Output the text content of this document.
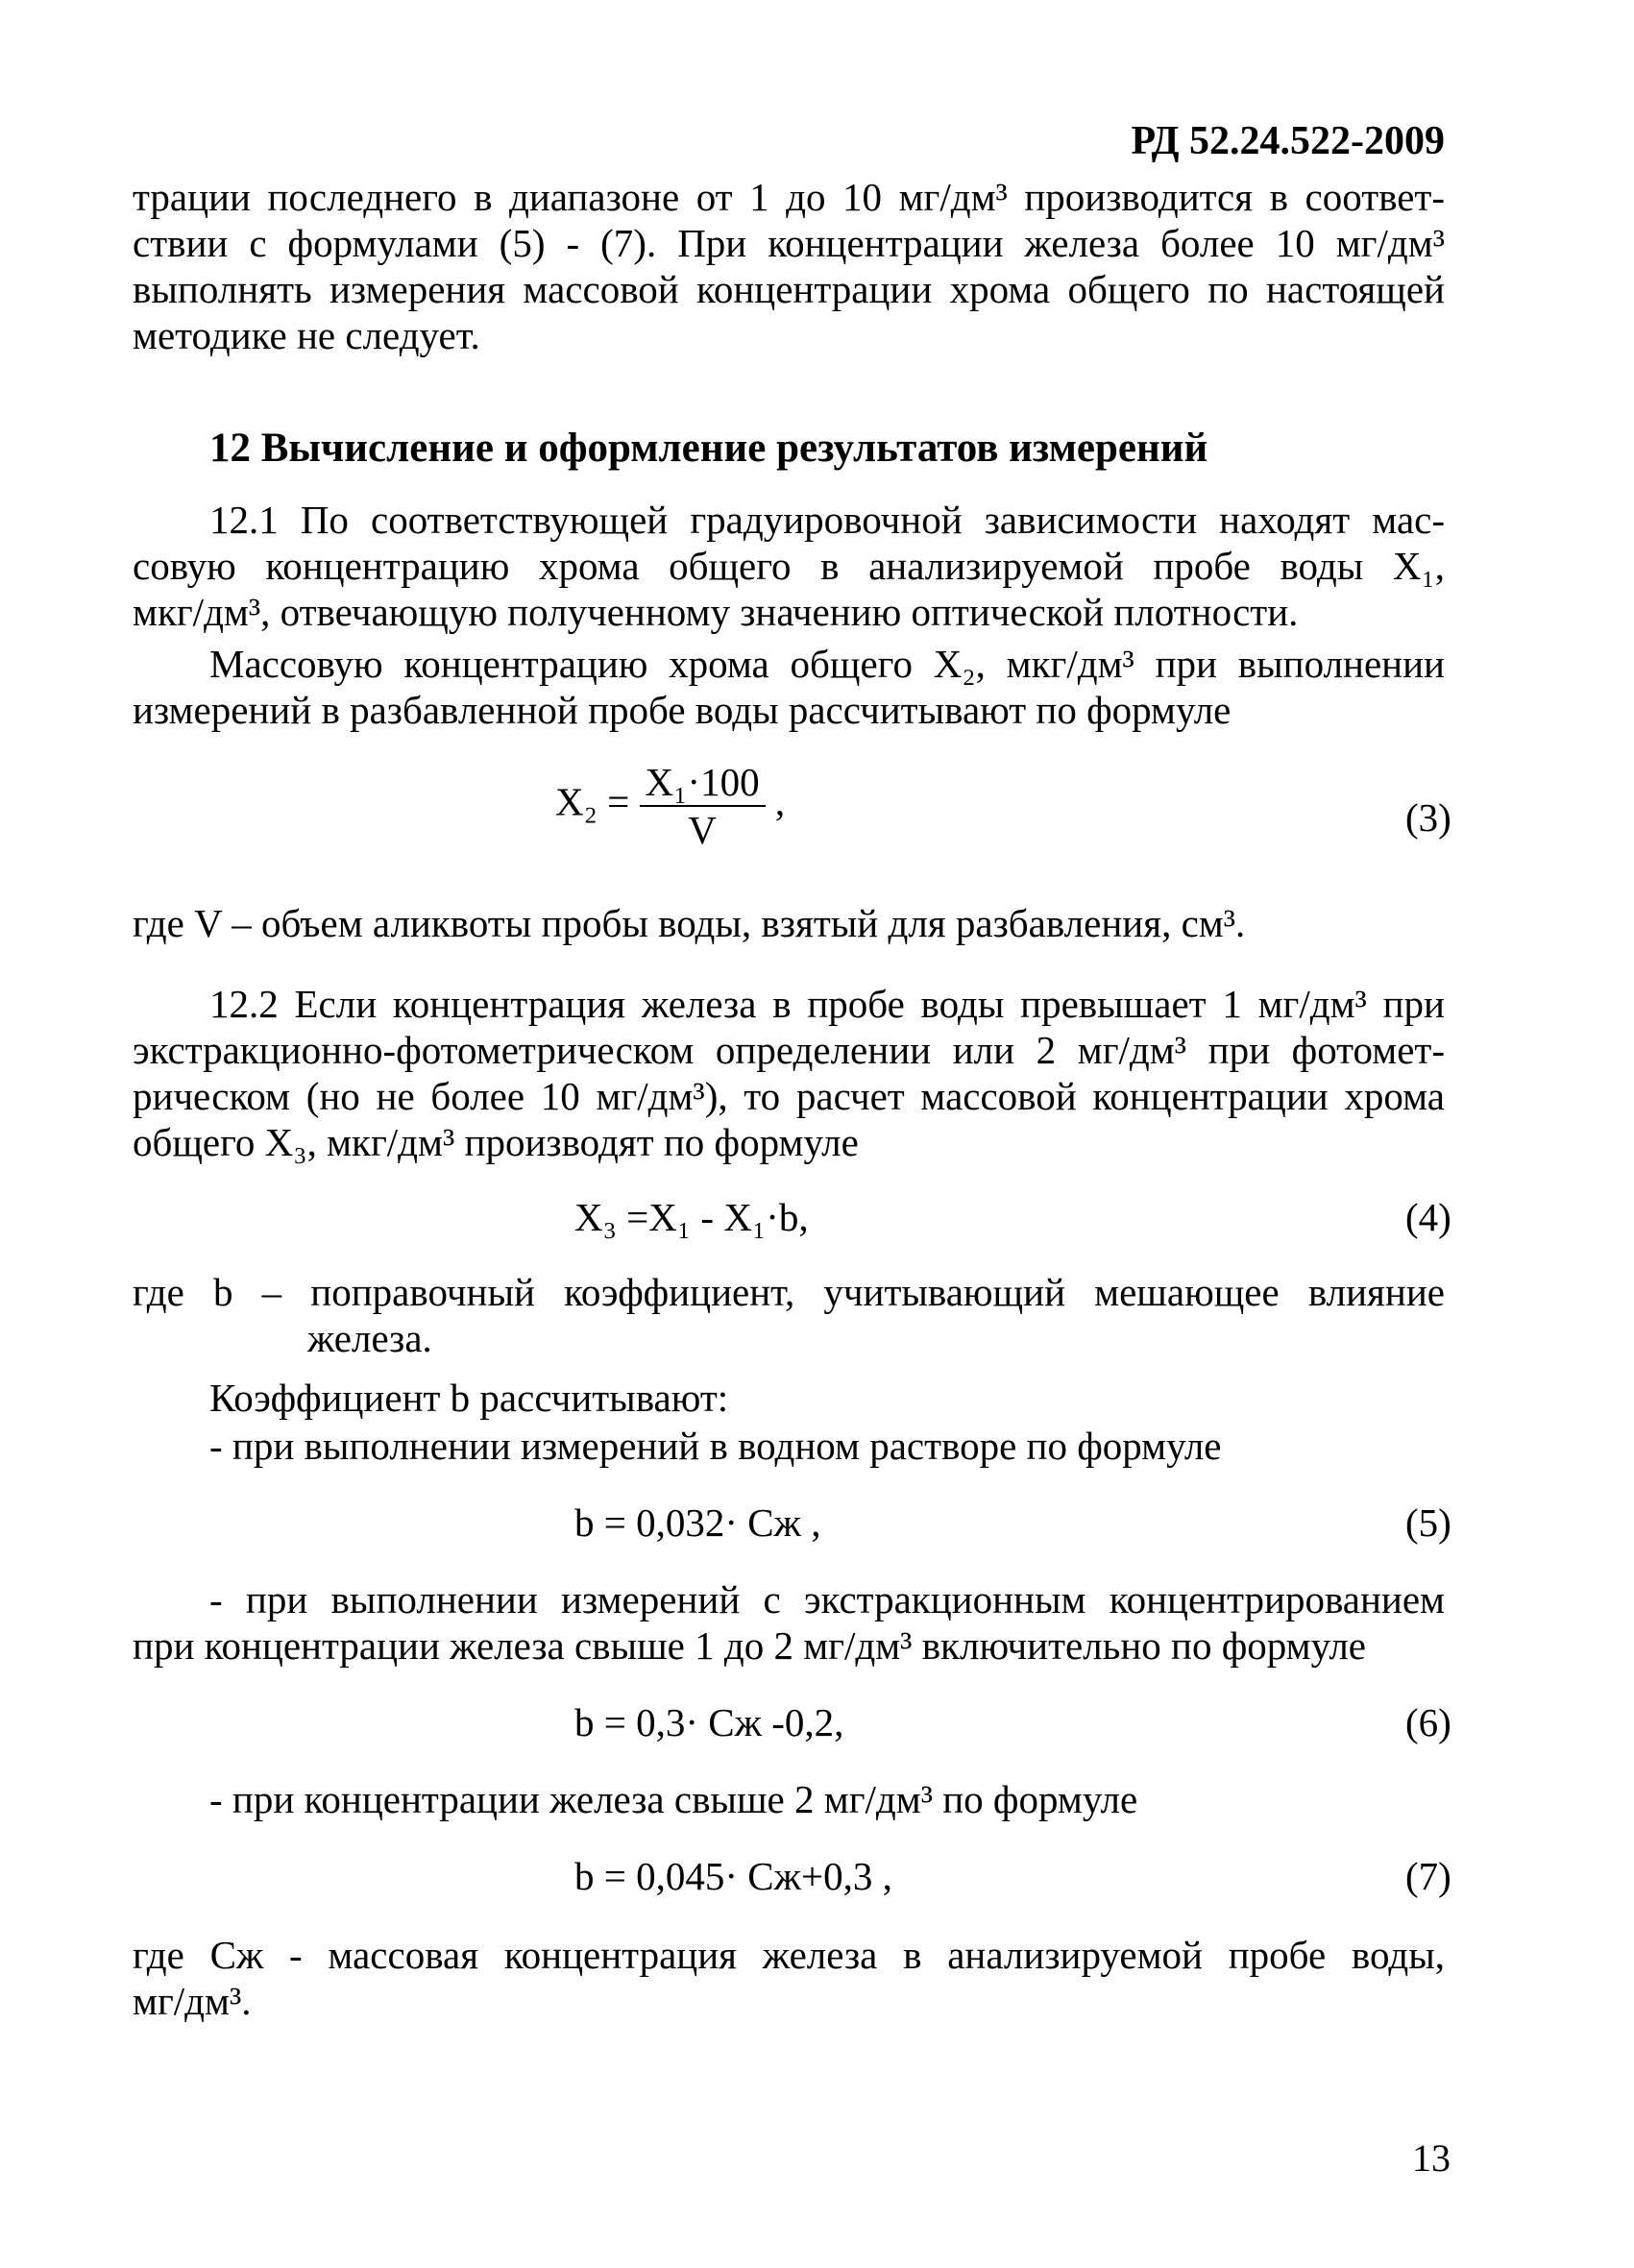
РД 52.24.522-2009
трации последнего в диапазоне от 1 до 10 мг/дм³ производится в соответ-
ствии с формулами (5) - (7). При концентрации железа более 10 мг/дм³
выполнять измерения массовой концентрации хрома общего по настоящей
методике не следует.
12 Вычисление и оформление результатов измерений
12.1 По соответствующей градуировочной зависимости находят мас-
совую концентрацию хрома общего в анализируемой пробе воды X₁,
мкг/дм³, отвечающую полученному значению оптической плотности.
Массовую концентрацию хрома общего X₂, мкг/дм³ при выполнении
измерений в разбавленной пробе воды рассчитывают по формуле
$X_2 = \frac{\text{X₁·100}}{V}$ ,	(3)
где V – объем аликвоты пробы воды, взятый для разбавления, см³.
12.2 Если концентрация железа в пробе воды превышает 1 мг/дм³ при
экстракционно-фотометрическом определении или 2 мг/дм³ при фотомет-
рическом (но не более 10 мг/дм³), то расчет массовой концентрации хрома
общего X₃, мкг/дм³ производят по формуле
X₃ =X₁ - X₁·b,	(4)
где b – поправочный коэффициент, учитывающий мешающее влияние
железа.
Коэффициент b рассчитывают:
- при выполнении измерений в водном растворе по формуле
b = 0,032· Cж ,	(5)
- при выполнении измерений с экстракционным концентрированием
при концентрации железа свыше 1 до 2 мг/дм³ включительно по формуле
b = 0,3· Cж -0,2,	(6)
- при концентрации железа свыше 2 мг/дм³ по формуле
b = 0,045· Cж+0,3 ,	(7)
где Cж - массовая концентрация железа в анализируемой пробе воды,
мг/дм³.
13
